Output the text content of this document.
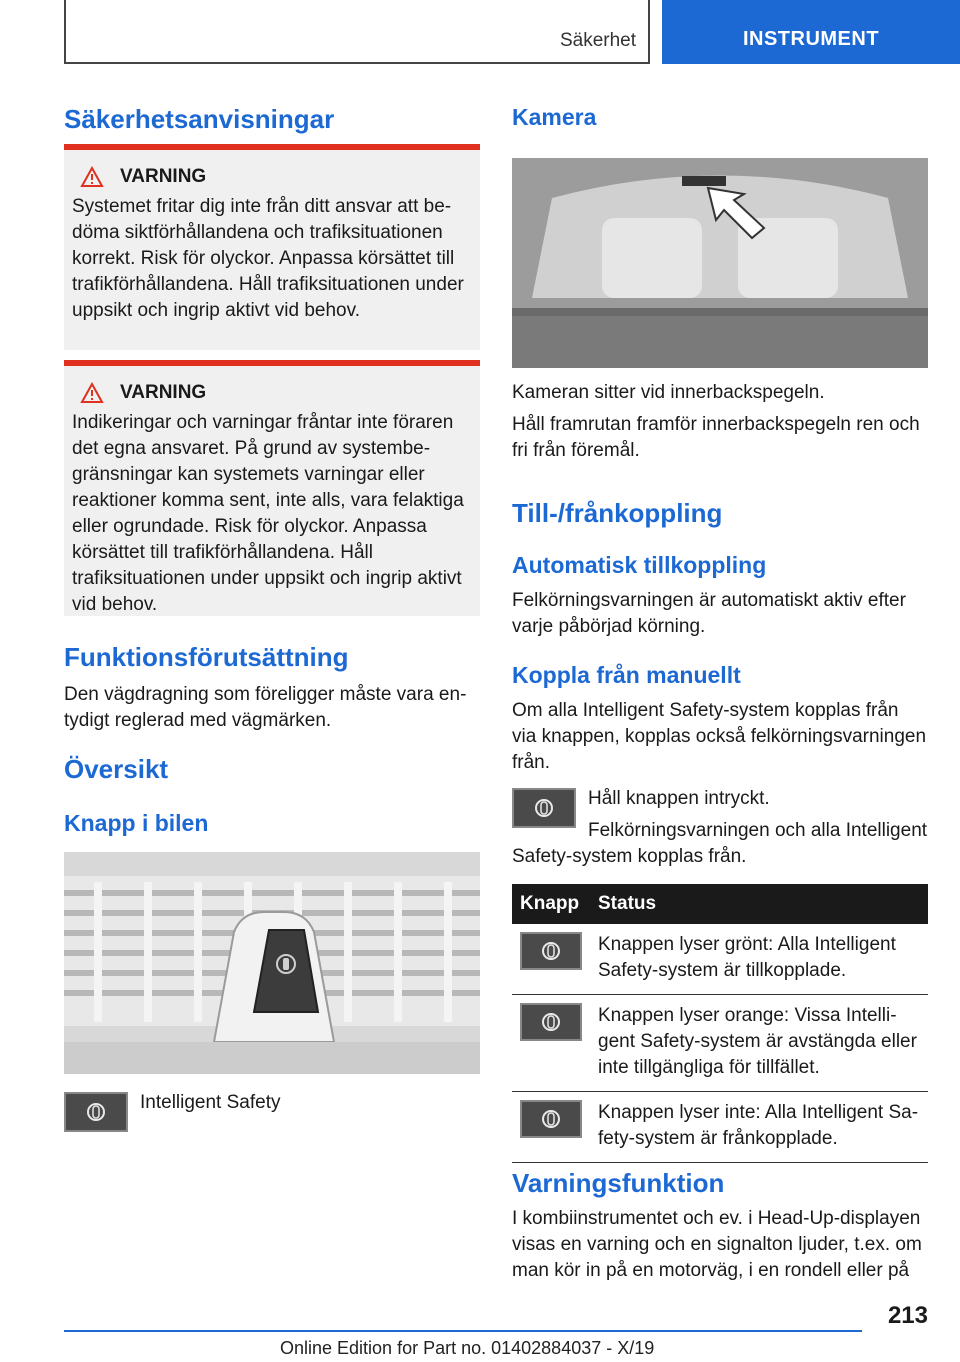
Säkerhet	INSTRUMENT
Säkerhetsanvisningar
VARNING

Systemet fritar dig inte från ditt ansvar att bedöma siktförhållandena och trafiksituationen korrekt. Risk för olyckor. Anpassa körsättet till trafikförhållandena. Håll trafiksituationen under uppsikt och ingrip aktivt vid behov.

VARNING

Indikeringar och varningar fråntar inte föraren det egna ansvaret. På grund av systembegränsningar kan systemets varningar eller reaktioner komma sent, inte alls, vara felaktiga eller ogrundade. Risk för olyckor. Anpassa körsättet till trafikförhållandena. Håll trafiksituationen under uppsikt och ingrip aktivt vid behov.

Funktionsförutsättning

Den vägdragning som föreligger måste vara entydigt reglerad med vägmärken.

Översikt
Knapp i bilen

Intelligent Safety

Kamera

Kameran sitter vid innerbackspegeln.

Håll framrutan framför innerbackspegeln ren och fri från föremål.

Till-/frånkoppling
Automatisk tillkoppling

Felkörningsvarningen är automatiskt aktiv efter varje påbörjad körning.

Koppla från manuellt

Om alla Intelligent Safety-system kopplas från via knappen, kopplas också felkörningsvarningen från.

Håll knappen intryckt.

Felkörningsvarningen och alla Intelligent Safety-system kopplas från.

Knapp	Status

	Knappen lyser grönt: Alla Intelligent Safety-system är tillkopplade.

	Knappen lyser orange: Vissa Intelligent Safety-system är avstängda eller inte tillgängliga för tillfället.

	Knappen lyser inte: Alla Intelligent Safety-system är frånkopplade.
Varningsfunktion

I kombiinstrumentet och ev. i Head-Up-displayen visas en varning och en signalton ljuder, t.ex. om man kör in på en motorväg, i en rondell eller på

213
Online Edition for Part no. 01402884037 - X/19
